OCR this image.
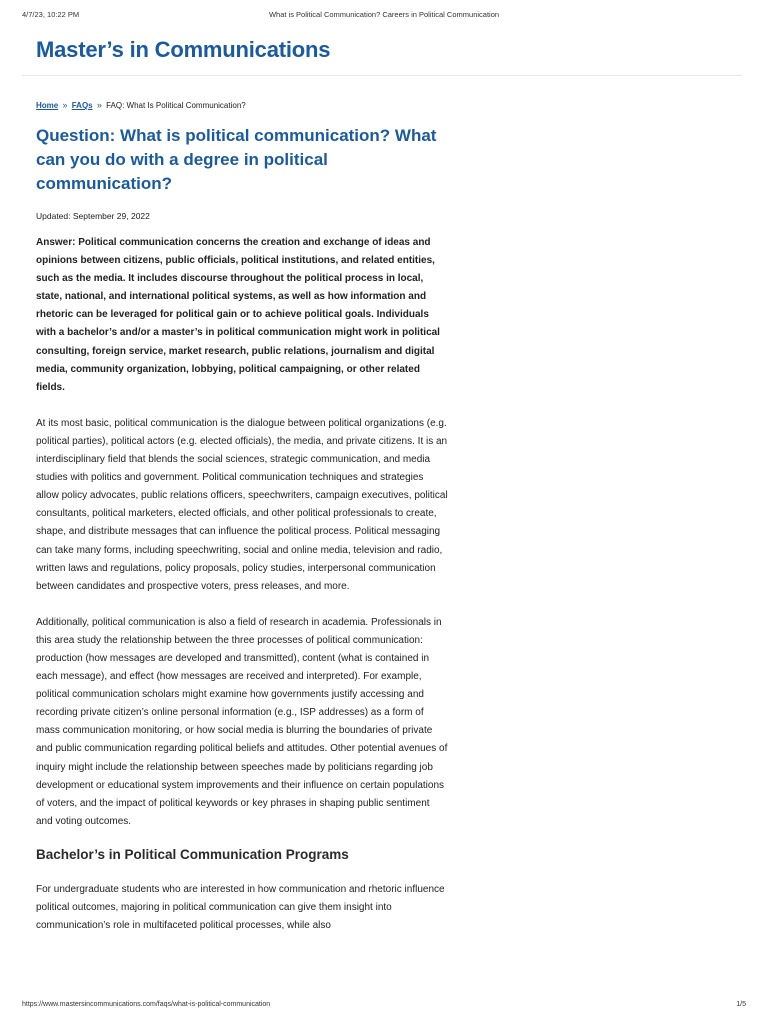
4/7/23, 10:22 PM	What is Political Communication? Careers in Political Communication
Master’s in Communications
Home » FAQs » FAQ: What Is Political Communication?
Question: What is political communication? What can you do with a degree in political communication?
Updated: September 29, 2022

Answer: Political communication concerns the creation and exchange of ideas and opinions between citizens, public officials, political institutions, and related entities, such as the media. It includes discourse throughout the political process in local, state, national, and international political systems, as well as how information and rhetoric can be leveraged for political gain or to achieve political goals. Individuals with a bachelor’s and/or a master’s in political communication might work in political consulting, foreign service, market research, public relations, journalism and digital media, community organization, lobbying, political campaigning, or other related fields.

At its most basic, political communication is the dialogue between political organizations (e.g. political parties), political actors (e.g. elected officials), the media, and private citizens. It is an interdisciplinary field that blends the social sciences, strategic communication, and media studies with politics and government. Political communication techniques and strategies allow policy advocates, public relations officers, speechwriters, campaign executives, political consultants, political marketers, elected officials, and other political professionals to create, shape, and distribute messages that can influence the political process. Political messaging can take many forms, including speechwriting, social and online media, television and radio, written laws and regulations, policy proposals, policy studies, interpersonal communication between candidates and prospective voters, press releases, and more.

Additionally, political communication is also a field of research in academia. Professionals in this area study the relationship between the three processes of political communication: production (how messages are developed and transmitted), content (what is contained in each message), and effect (how messages are received and interpreted). For example, political communication scholars might examine how governments justify accessing and recording private citizen’s online personal information (e.g., ISP addresses) as a form of mass communication monitoring, or how social media is blurring the boundaries of private and public communication regarding political beliefs and attitudes. Other potential avenues of inquiry might include the relationship between speeches made by politicians regarding job development or educational system improvements and their influence on certain populations of voters, and the impact of political keywords or key phrases in shaping public sentiment and voting outcomes.

Bachelor’s in Political Communication Programs

For undergraduate students who are interested in how communication and rhetoric influence political outcomes, majoring in political communication can give them insight into communication’s role in multifaceted political processes, while also

https://www.mastersincommunications.com/faqs/what-is-political-communication	1/5
